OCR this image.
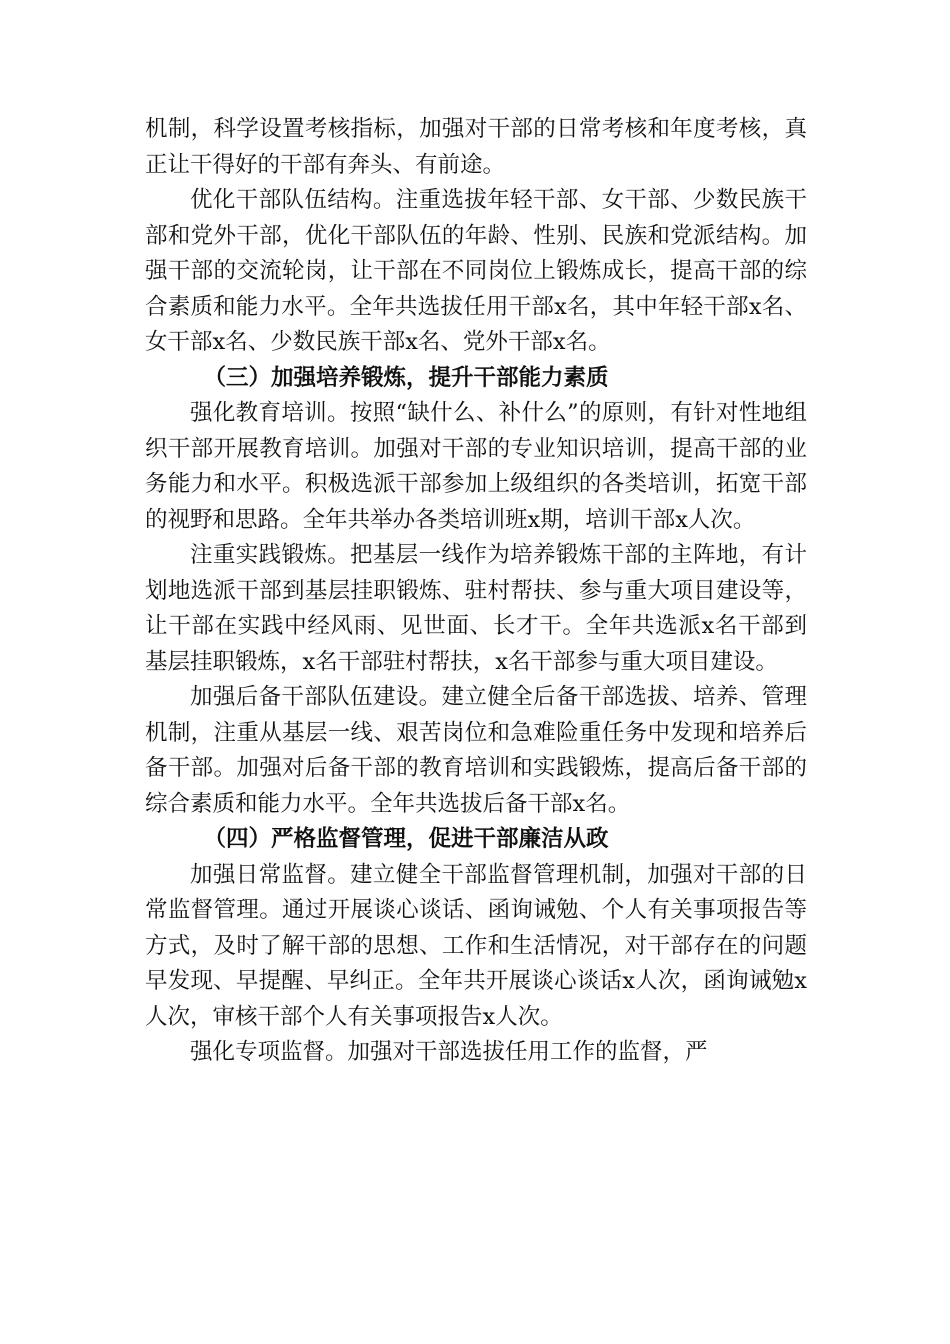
机制，科学设置考核指标，加强对干部的日常考核和年度考核，真正让干得好的干部有奔头、有前途。

优化干部队伍结构。注重选拔年轻干部、女干部、少数民族干部和党外干部，优化干部队伍的年龄、性别、民族和党派结构。加强干部的交流轮岗，让干部在不同岗位上锻炼成长，提高干部的综合素质和能力水平。全年共选拔任用干部x名，其中年轻干部x名、女干部x名、少数民族干部x名、党外干部x名。

（三）加强培养锻炼，提升干部能力素质

强化教育培训。按照“缺什么、补什么”的原则，有针对性地组织干部开展教育培训。加强对干部的专业知识培训，提高干部的业务能力和水平。积极选派干部参加上级组织的各类培训，拓宽干部的视野和思路。全年共举办各类培训班x期，培训干部x人次。

注重实践锻炼。把基层一线作为培养锻炼干部的主阵地，有计划地选派干部到基层挂职锻炼、驻村帮扶、参与重大项目建设等，让干部在实践中经风雨、见世面、长才干。全年共选派x名干部到基层挂职锻炼，x名干部驻村帮扶，x名干部参与重大项目建设。

加强后备干部队伍建设。建立健全后备干部选拔、培养、管理机制，注重从基层一线、艰苦岗位和急难险重任务中发现和培养后备干部。加强对后备干部的教育培训和实践锻炼，提高后备干部的综合素质和能力水平。全年共选拔后备干部x名。

（四）严格监督管理，促进干部廉洁从政

加强日常监督。建立健全干部监督管理机制，加强对干部的日常监督管理。通过开展谈心谈话、函询诫勉、个人有关事项报告等方式，及时了解干部的思想、工作和生活情况，对干部存在的问题早发现、早提醒、早纠正。全年共开展谈心谈话x人次，函询诫勉x人次，审核干部个人有关事项报告x人次。

强化专项监督。加强对干部选拔任用工作的监督，严
